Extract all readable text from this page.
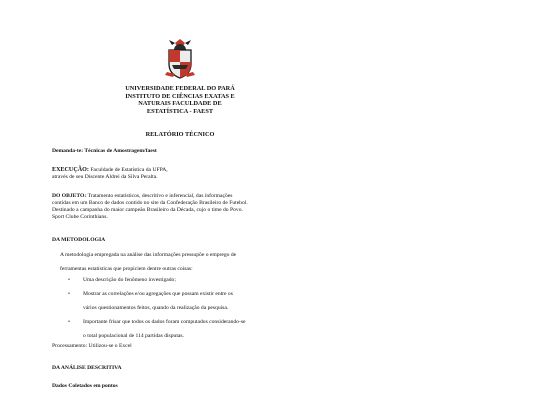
UNIVERSIDADE FEDERAL DO PARÁ
INSTITUTO DE CIÊNCIAS EXATAS E
NATURAIS FACULDADE DE
ESTATÍSTICA - FAEST
RELATÓRIO TÉCNICO
Demanda-te: Técnicas de Amostragem/faest
EXECUÇÃO: Faculdade de Estatística da UFPA,
através de seu Discente Aldrei da Silva Peralta.
DO OBJETO: Tratamento estatísticos, descritivo e inferencial, das informações
contidas em um Banco de dados contido no site da Confederação Brasileiro de Futebol.
Destinado a campanha do maior campeão Brasileiro da Década, cujo o time do Povo.
Sport Clube Corinthians.
DA METODOLOGIA
A metodologia empregada na análise das informações pressupõe o emprego de
ferramentas estatísticas que propiciem dentre outras coisas:
• Uma descrição do fenômeno investigado;
• Mostrar as correlações e/ou agregações que possam existir entre os
vários questionamentos feitos, quando da realização da pesquisa.
• Importante frisar que todos os dados foram computados considerando-se
o total populacional de 114 partidas disputas.
Processamento: Utilizou-se o Excel
DA ANÁLISE DESCRITIVA
Dados Coletados em pontos
